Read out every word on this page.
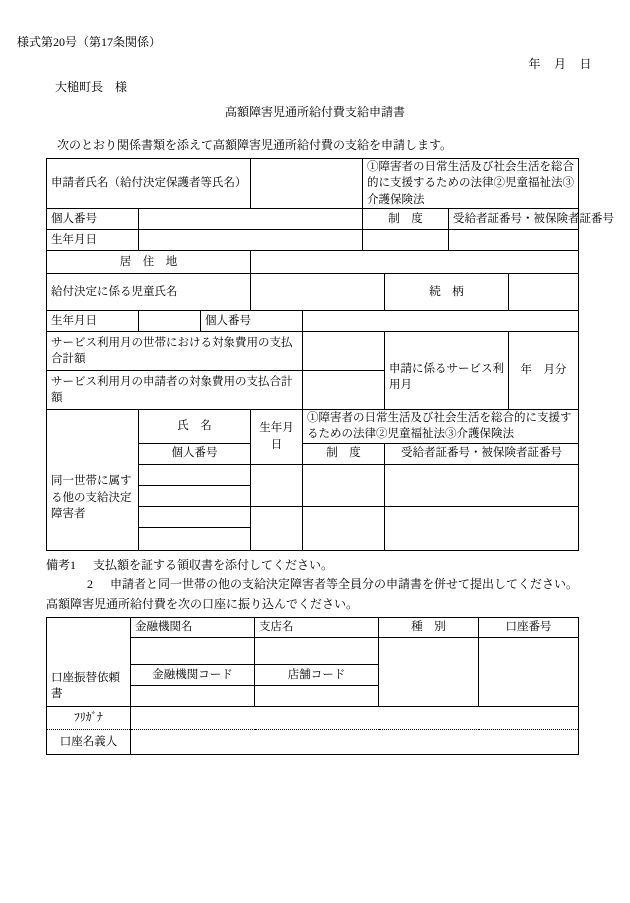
様式第20号（第17条関係）
年 月 日
大槌町長 様
高額障害児通所給付費支給申請書
次のとおり関係書類を添えて高額障害児通所給付費の支給を申請します。
申請者氏名（給付決定保護者等氏名）					①障害者の日常生活及び社会生活を総合的に支援するための法律②児童福祉法③介護保険法			
個人番号					制　度		受給者証番号・被保険者証番号	
生年月日								
居　住　地								
給付決定に係る児童氏名						続　柄		
生年月日		個人番号						
サービス利用月の世帯における対象費用の支払合計額						申請に係るサービス利用月		年　月分
サービス利用月の申請者の対象費用の支払合計額								
同一世帯に属する他の支給決定障害者	氏　名		生年月日	①障害者の日常生活及び社会生活を総合的に支援するための法律②児童福祉法③介護保険法				
	個人番号			制　度		受給者証番号・被保険者証番号		

備考1 支払額を証する領収書を添付してください。
2 申請者と同一世帯の他の支給決定障害者等全員分の申請書を併せて提出してください。
高額障害児通所給付費を次の口座に振り込んでください。
口座振替依頼書	金融機関名	支店名	種　別	口座番号

	金融機関コード	店舗コード		

ﾌﾘｶﾞﾅ				
口座名義人				
